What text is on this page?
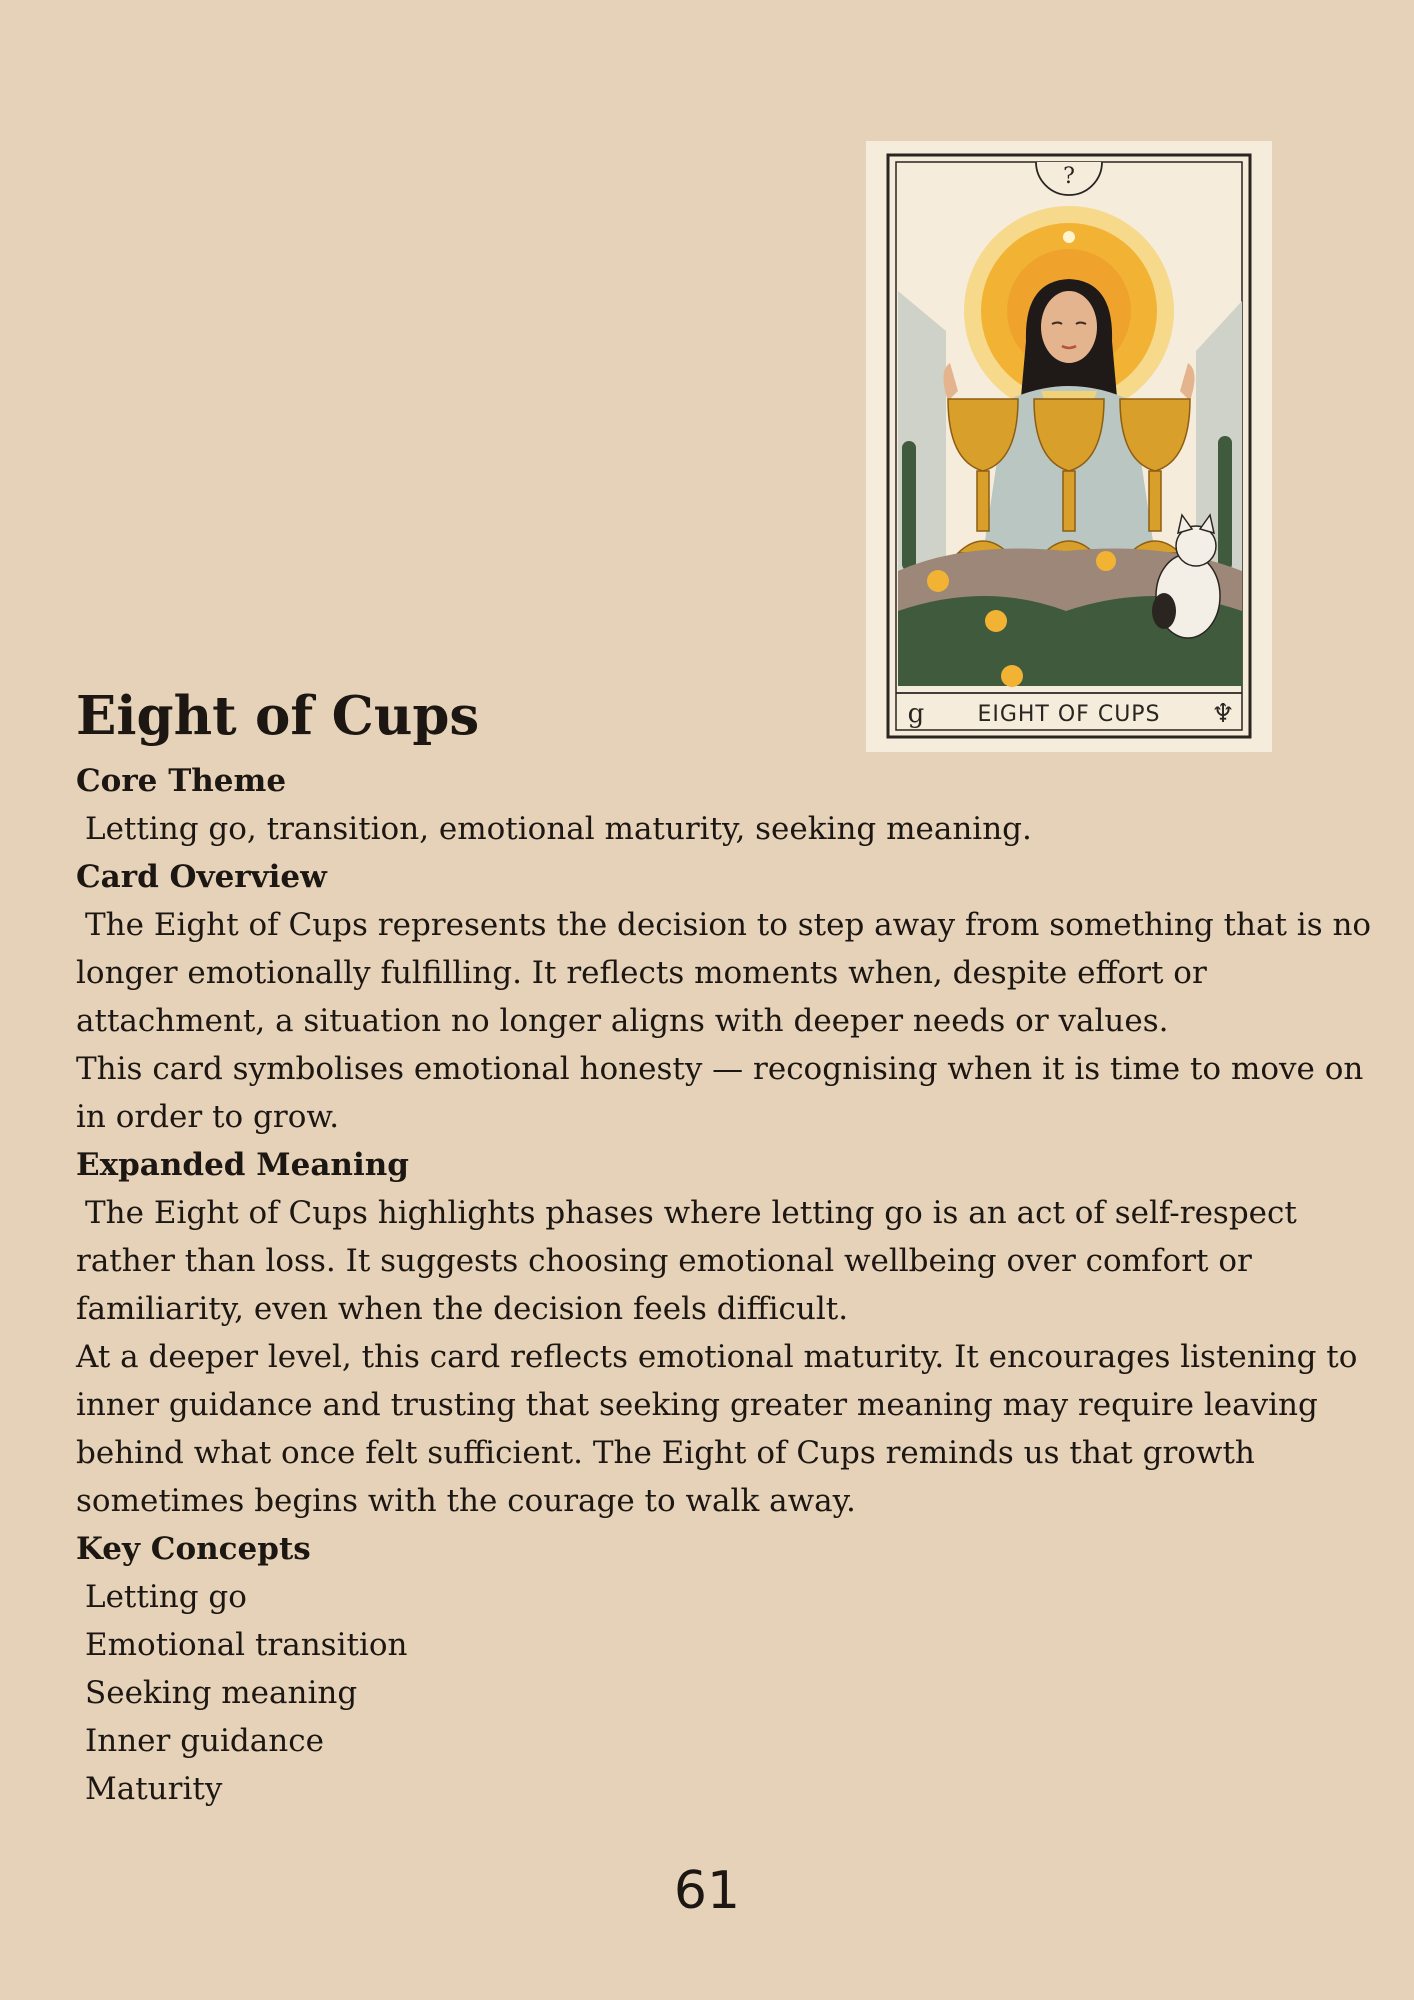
?
g EIGHT OF CUPS ♆
Eight of Cups
Core Theme

Letting go, transition, emotional maturity, seeking meaning.

Card Overview

The Eight of Cups represents the decision to step away from something that is no longer emotionally fulfilling. It reflects moments when, despite effort or attachment, a situation no longer aligns with deeper needs or values.

This card symbolises emotional honesty — recognising when it is time to move on in order to grow.

Expanded Meaning

The Eight of Cups highlights phases where letting go is an act of self-respect rather than loss. It suggests choosing emotional wellbeing over comfort or familiarity, even when the decision feels difficult.

At a deeper level, this card reflects emotional maturity. It encourages listening to inner guidance and trusting that seeking greater meaning may require leaving behind what once felt sufficient. The Eight of Cups reminds us that growth sometimes begins with the courage to walk away.

Key Concepts

Letting go

Emotional transition

Seeking meaning

Inner guidance

Maturity

61
